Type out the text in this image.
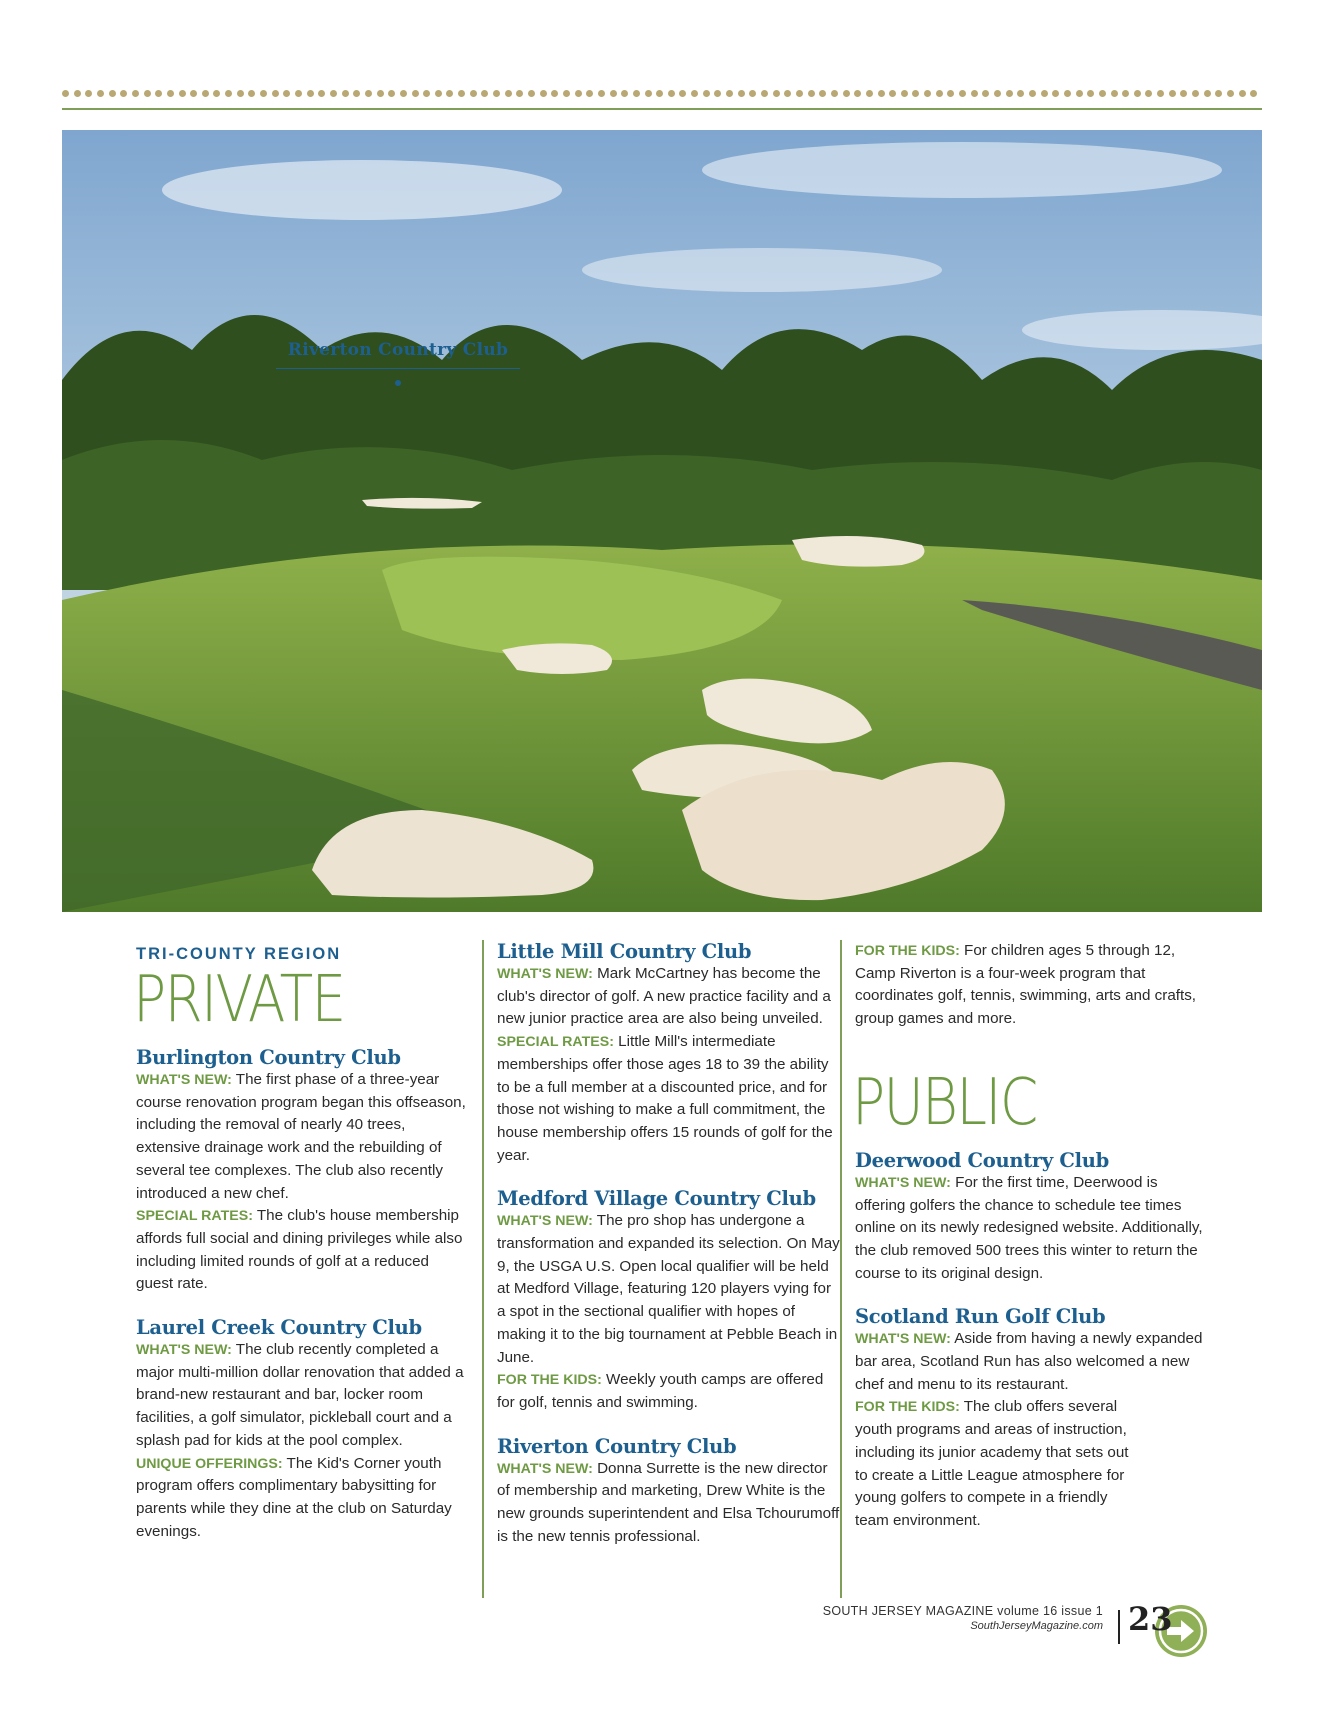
Riverton Country Club
TRI-COUNTY REGION
PRIVATE
Burlington Country Club

WHAT'S NEW: The first phase of a three-year course renovation program began this offseason, including the removal of nearly 40 trees, extensive drainage work and the rebuilding of several tee complexes. The club also recently introduced a new chef.

SPECIAL RATES: The club's house membership affords full social and dining privileges while also including limited rounds of golf at a reduced guest rate.

Laurel Creek Country Club

WHAT'S NEW: The club recently completed a major multi-million dollar renovation that added a brand-new restaurant and bar, locker room facilities, a golf simulator, pickleball court and a splash pad for kids at the pool complex.

UNIQUE OFFERINGS: The Kid's Corner youth program offers complimentary babysitting for parents while they dine at the club on Saturday evenings.

Little Mill Country Club

WHAT'S NEW: Mark McCartney has become the club's director of golf. A new practice facility and a new junior practice area are also being unveiled.

SPECIAL RATES: Little Mill's intermediate memberships offer those ages 18 to 39 the ability to be a full member at a discounted price, and for those not wishing to make a full commitment, the house membership offers 15 rounds of golf for the year.

Medford Village Country Club

WHAT'S NEW: The pro shop has undergone a transformation and expanded its selection. On May 9, the USGA U.S. Open local qualifier will be held at Medford Village, featuring 120 players vying for a spot in the sectional qualifier with hopes of making it to the big tournament at Pebble Beach in June.

FOR THE KIDS: Weekly youth camps are offered for golf, tennis and swimming.

Riverton Country Club

WHAT'S NEW: Donna Surrette is the new director of membership and marketing, Drew White is the new grounds superintendent and Elsa Tchourumoff is the new tennis professional.

FOR THE KIDS: For children ages 5 through 12, Camp Riverton is a four-week program that coordinates golf, tennis, swimming, arts and crafts, group games and more.

PUBLIC
Deerwood Country Club

WHAT'S NEW: For the first time, Deerwood is offering golfers the chance to schedule tee times online on its newly redesigned website. Additionally, the club removed 500 trees this winter to return the course to its original design.

Scotland Run Golf Club

WHAT'S NEW: Aside from having a newly expanded bar area, Scotland Run has also welcomed a new chef and menu to its restaurant.

FOR THE KIDS: The club offers several youth programs and areas of instruction, including its junior academy that sets out to create a Little League atmosphere for young golfers to compete in a friendly team environment.

SOUTH JERSEY MAGAZINE volume 16 issue 1
SouthJerseyMagazine.com 23
